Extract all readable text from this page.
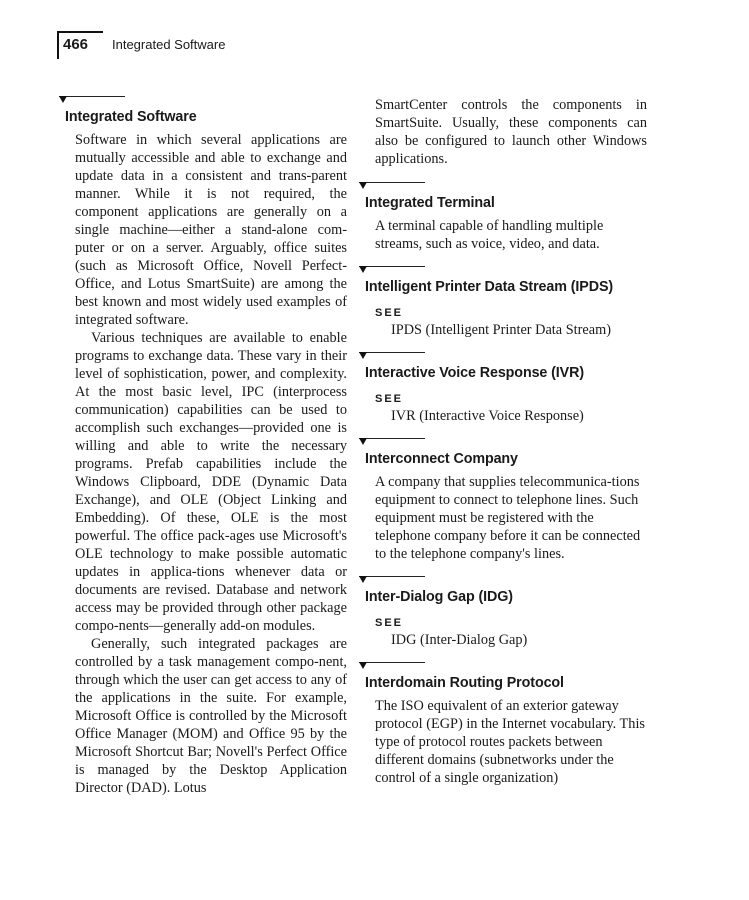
466 Integrated Software
Integrated Software

Software in which several applications are mutually accessible and able to exchange and update data in a consistent and trans-parent manner. While it is not required, the component applications are generally on a single machine—either a stand-alone com-puter or on a server. Arguably, office suites (such as Microsoft Office, Novell Perfect-Office, and Lotus SmartSuite) are among the best known and most widely used examples of integrated software.

Various techniques are available to enable programs to exchange data. These vary in their level of sophistication, power, and complexity. At the most basic level, IPC (interprocess communication) capabilities can be used to accomplish such exchanges—provided one is willing and able to write the necessary programs. Prefab capabilities include the Windows Clipboard, DDE (Dynamic Data Exchange), and OLE (Object Linking and Embedding). Of these, OLE is the most powerful. The office pack-ages use Microsoft's OLE technology to make possible automatic updates in applica-tions whenever data or documents are revised. Database and network access may be provided through other package compo-nents—generally add-on modules.

Generally, such integrated packages are controlled by a task management compo-nent, through which the user can get access to any of the applications in the suite. For example, Microsoft Office is controlled by the Microsoft Office Manager (MOM) and Office 95 by the Microsoft Shortcut Bar; Novell's Perfect Office is managed by the Desktop Application Director (DAD). Lotus

SmartCenter controls the components in SmartSuite. Usually, these components can also be configured to launch other Windows applications.

Integrated Terminal

A terminal capable of handling multiple streams, such as voice, video, and data.

Intelligent Printer Data Stream (IPDS)
SEE
IPDS (Intelligent Printer Data Stream)
Interactive Voice Response (IVR)
SEE
IVR (Interactive Voice Response)
Interconnect Company

A company that supplies telecommunica-tions equipment to connect to telephone lines. Such equipment must be registered with the telephone company before it can be connected to the telephone company's lines.

Inter-Dialog Gap (IDG)
SEE
IDG (Inter-Dialog Gap)
Interdomain Routing Protocol

The ISO equivalent of an exterior gateway protocol (EGP) in the Internet vocabulary. This type of protocol routes packets between different domains (subnetworks under the control of a single organization)
